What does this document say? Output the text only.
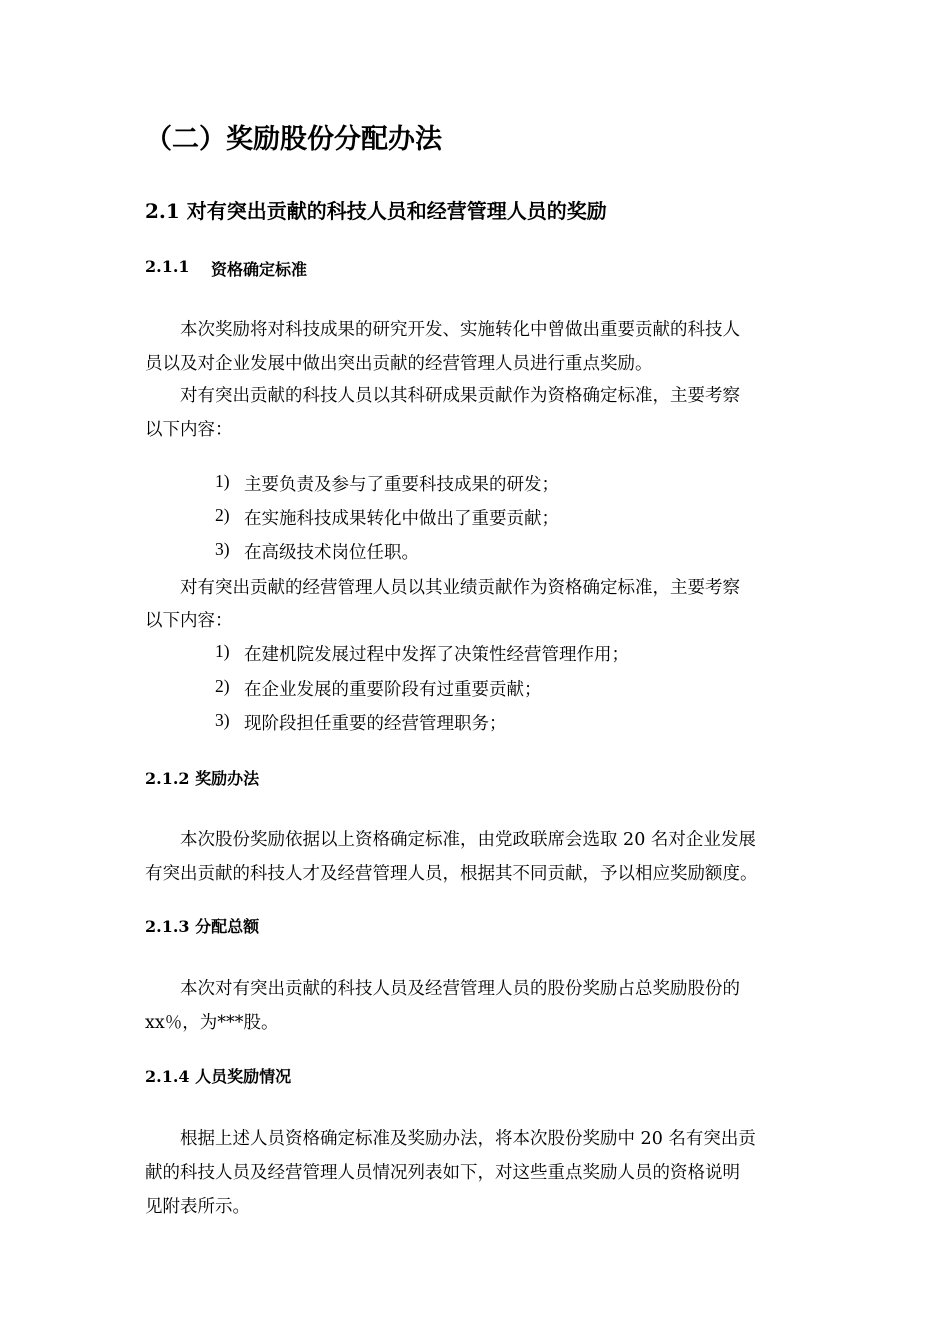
（二）奖励股份分配办法
2.1 对有突出贡献的科技人员和经营管理人员的奖励
2.1.1 资格确定标准
本次奖励将对科技成果的研究开发、实施转化中曾做出重要贡献的科技人
员以及对企业发展中做出突出贡献的经营管理人员进行重点奖励。
对有突出贡献的科技人员以其科研成果贡献作为资格确定标准，主要考察
以下内容：
1) 主要负责及参与了重要科技成果的研发；
2) 在实施科技成果转化中做出了重要贡献；
3) 在高级技术岗位任职。
对有突出贡献的经营管理人员以其业绩贡献作为资格确定标准，主要考察
以下内容：
1) 在建机院发展过程中发挥了决策性经营管理作用；
2) 在企业发展的重要阶段有过重要贡献；
3) 现阶段担任重要的经营管理职务；
2.1.2 奖励办法
本次股份奖励依据以上资格确定标准，由党政联席会选取 20 名对企业发展
有突出贡献的科技人才及经营管理人员，根据其不同贡献，予以相应奖励额度。
2.1.3 分配总额
本次对有突出贡献的科技人员及经营管理人员的股份奖励占总奖励股份的
xx％，为***股。
2.1.4 人员奖励情况
根据上述人员资格确定标准及奖励办法，将本次股份奖励中 20 名有突出贡
献的科技人员及经营管理人员情况列表如下，对这些重点奖励人员的资格说明
见附表所示。
